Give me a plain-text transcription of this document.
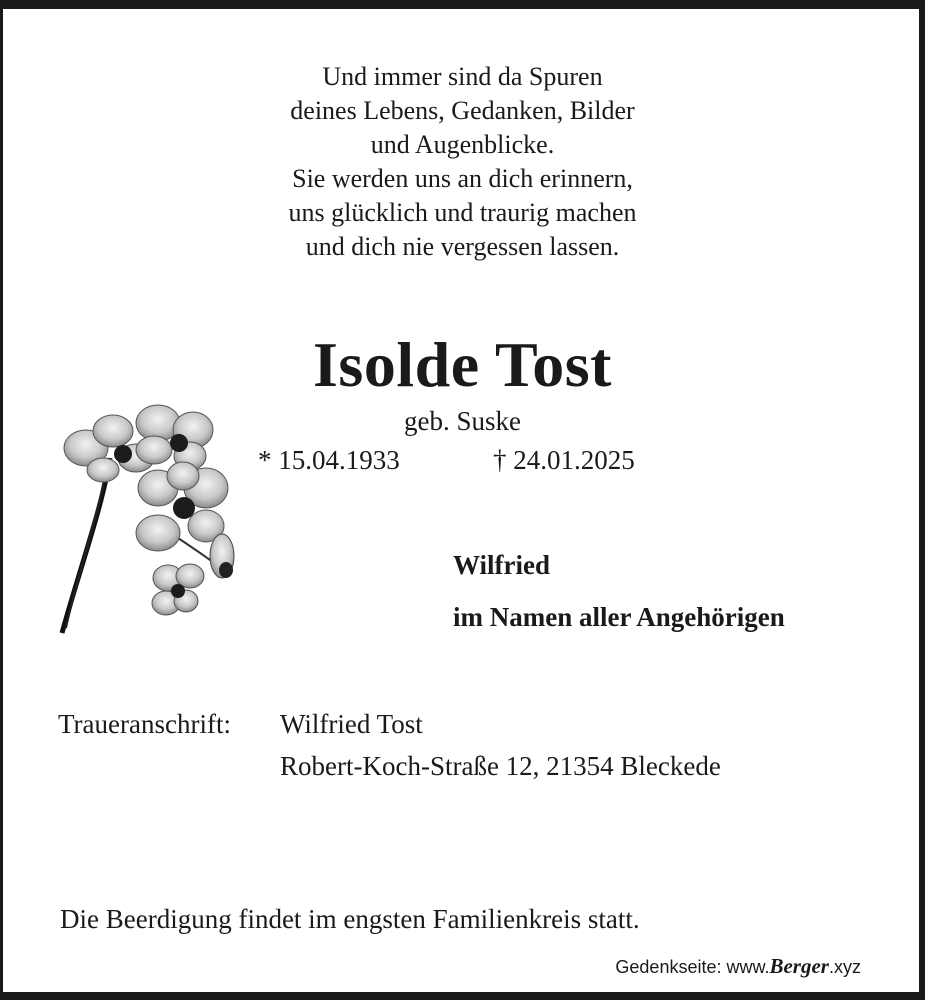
Und immer sind da Spuren
deines Lebens, Gedanken, Bilder
und Augenblicke.
Sie werden uns an dich erinnern,
uns glücklich und traurig machen
und dich nie vergessen lassen.
Isolde Tost
geb. Suske
* 15.04.1933	† 24.01.2025
Wilfried
im Namen aller Angehörigen
Traueranschrift: Wilfried Tost
Robert-Koch-Straße 12, 21354 Bleckede
Die Beerdigung findet im engsten Familienkreis statt.
Gedenkseite: www.Berger.xyz
